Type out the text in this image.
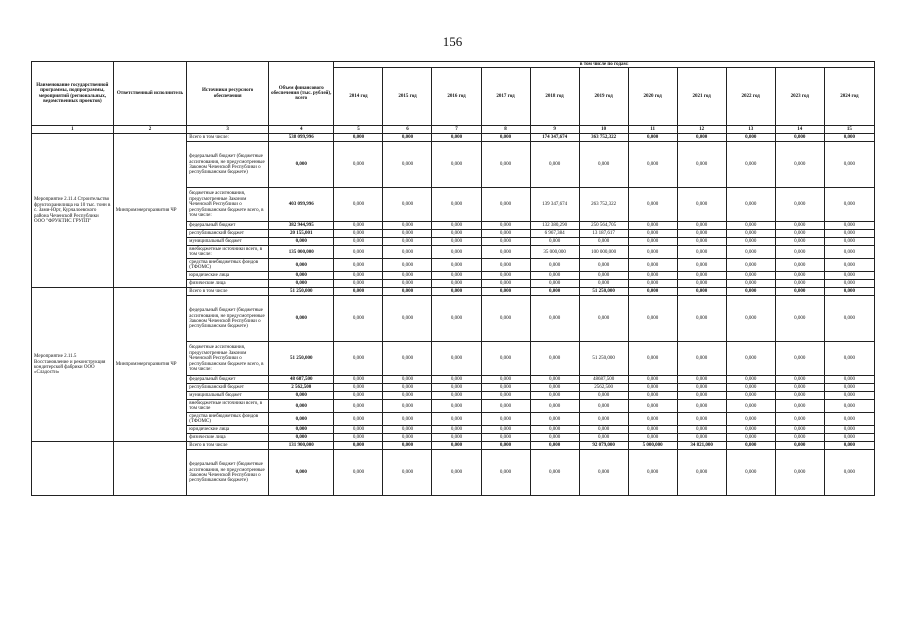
156
Наименование государственной программы, подпрограммы, мероприятий (региональных, ведомственных проектов)	Ответственный исполнитель	Источники ресурсного обеспечения	Объем финансового обеспечения (тыс. рублей), всего	в том числе по годам:										
				2014 год	2015 год	2016 год	2017 год	2018 год	2019 год	2020 год	2021 год	2022 год	2023 год	2024 год
1	2	3	4	5	6	7	8	9	10	11	12	13	14	15
Мероприятие 2.11.4 Строительство фруктохранилища на 10 тыс. тонн в с. Зами-Юрт, Курчалоевского района Чеченской Республики ООО "ФРУКТИС ГРУПП"	Минпромэнергоразвития ЧР	Всего в том числе:	538 099,996	0,000	0,000	0,000	0,000	174 347,674	363 752,322	0,000	0,000	0,000	0,000	0,000
		федеральный бюджет (бюджетные ассигнования, не предусмотренные Законом Чеченской Республики о республиканском бюджете)	0,000	0,000	0,000	0,000	0,000	0,000	0,000	0,000	0,000	0,000	0,000	0,000
		бюджетные ассигнования, предусмотренные Законом Чеченской Республики о республиканском бюджете всего, в том числе:	403 099,996	0,000	0,000	0,000	0,000	139 347,674	263 752,322	0,000	0,000	0,000	0,000	0,000
		федеральный бюджет	382 944,995	0,000	0,000	0,000	0,000	132 380,290	250 564,705	0,000	0,000	0,000	0,000	0,000
		республиканский бюджет	20 155,001	0,000	0,000	0,000	0,000	6 967,384	13 187,617	0,000	0,000	0,000	0,000	0,000
		муниципальный бюджет	0,000	0,000	0,000	0,000	0,000	0,000	0,000	0,000	0,000	0,000	0,000	0,000
		внебюджетные источники всего, в том числе:	135 000,000	0,000	0,000	0,000	0,000	35 000,000	100 000,000	0,000	0,000	0,000	0,000	0,000
		средства внебюджетных фондов (ТФОМС)	0,000	0,000	0,000	0,000	0,000	0,000	0,000	0,000	0,000	0,000	0,000	0,000
		юридические лица	0,000	0,000	0,000	0,000	0,000	0,000	0,000	0,000	0,000	0,000	0,000	0,000
		физические лица	0,000	0,000	0,000	0,000	0,000	0,000	0,000	0,000	0,000	0,000	0,000	0,000
Мероприятие 2.11.5 Восстановление и реконструкция кондитерской фабрики ООО «Сладости»	Минпромэнергоразвития ЧР	Всего в том числе	51 250,000	0,000	0,000	0,000	0,000	0,000	51 250,000	0,000	0,000	0,000	0,000	0,000
		федеральный бюджет (бюджетные ассигнования, не предусмотренные Законом Чеченской Республики о республиканском бюджете)	0,000	0,000	0,000	0,000	0,000	0,000	0,000	0,000	0,000	0,000	0,000	0,000
		бюджетные ассигнования, предусмотренные Законом Чеченской Республики о республиканском бюджете всего, в том числе:	51 250,000	0,000	0,000	0,000	0,000	0,000	51 250,000	0,000	0,000	0,000	0,000	0,000
		федеральный бюджет	48 687,500	0,000	0,000	0,000	0,000	0,000	48687,500	0,000	0,000	0,000	0,000	0,000
		республиканский бюджет	2 562,500	0,000	0,000	0,000	0,000	0,000	2562,500	0,000	0,000	0,000	0,000	0,000
		муниципальный бюджет	0,000	0,000	0,000	0,000	0,000	0,000	0,000	0,000	0,000	0,000	0,000	0,000
		внебюджетные источники всего, в том числе	0,000	0,000	0,000	0,000	0,000	0,000	0,000	0,000	0,000	0,000	0,000	0,000
		средства внебюджетных фондов (ТФОМС)	0,000	0,000	0,000	0,000	0,000	0,000	0,000	0,000	0,000	0,000	0,000	0,000
		юридические лица	0,000	0,000	0,000	0,000	0,000	0,000	0,000	0,000	0,000	0,000	0,000	0,000
		физические лица	0,000	0,000	0,000	0,000	0,000	0,000	0,000	0,000	0,000	0,000	0,000	0,000
		Всего в том числе	131 900,000	0,000	0,000	0,000	0,000	0,000	92 079,000	5 000,000	34 821,000	0,000	0,000	0,000
		федеральный бюджет (бюджетные ассигнования, не предусмотренные Законом Чеченской Республики о республиканском бюджете)	0,000	0,000	0,000	0,000	0,000	0,000	0,000	0,000	0,000	0,000	0,000	0,000
